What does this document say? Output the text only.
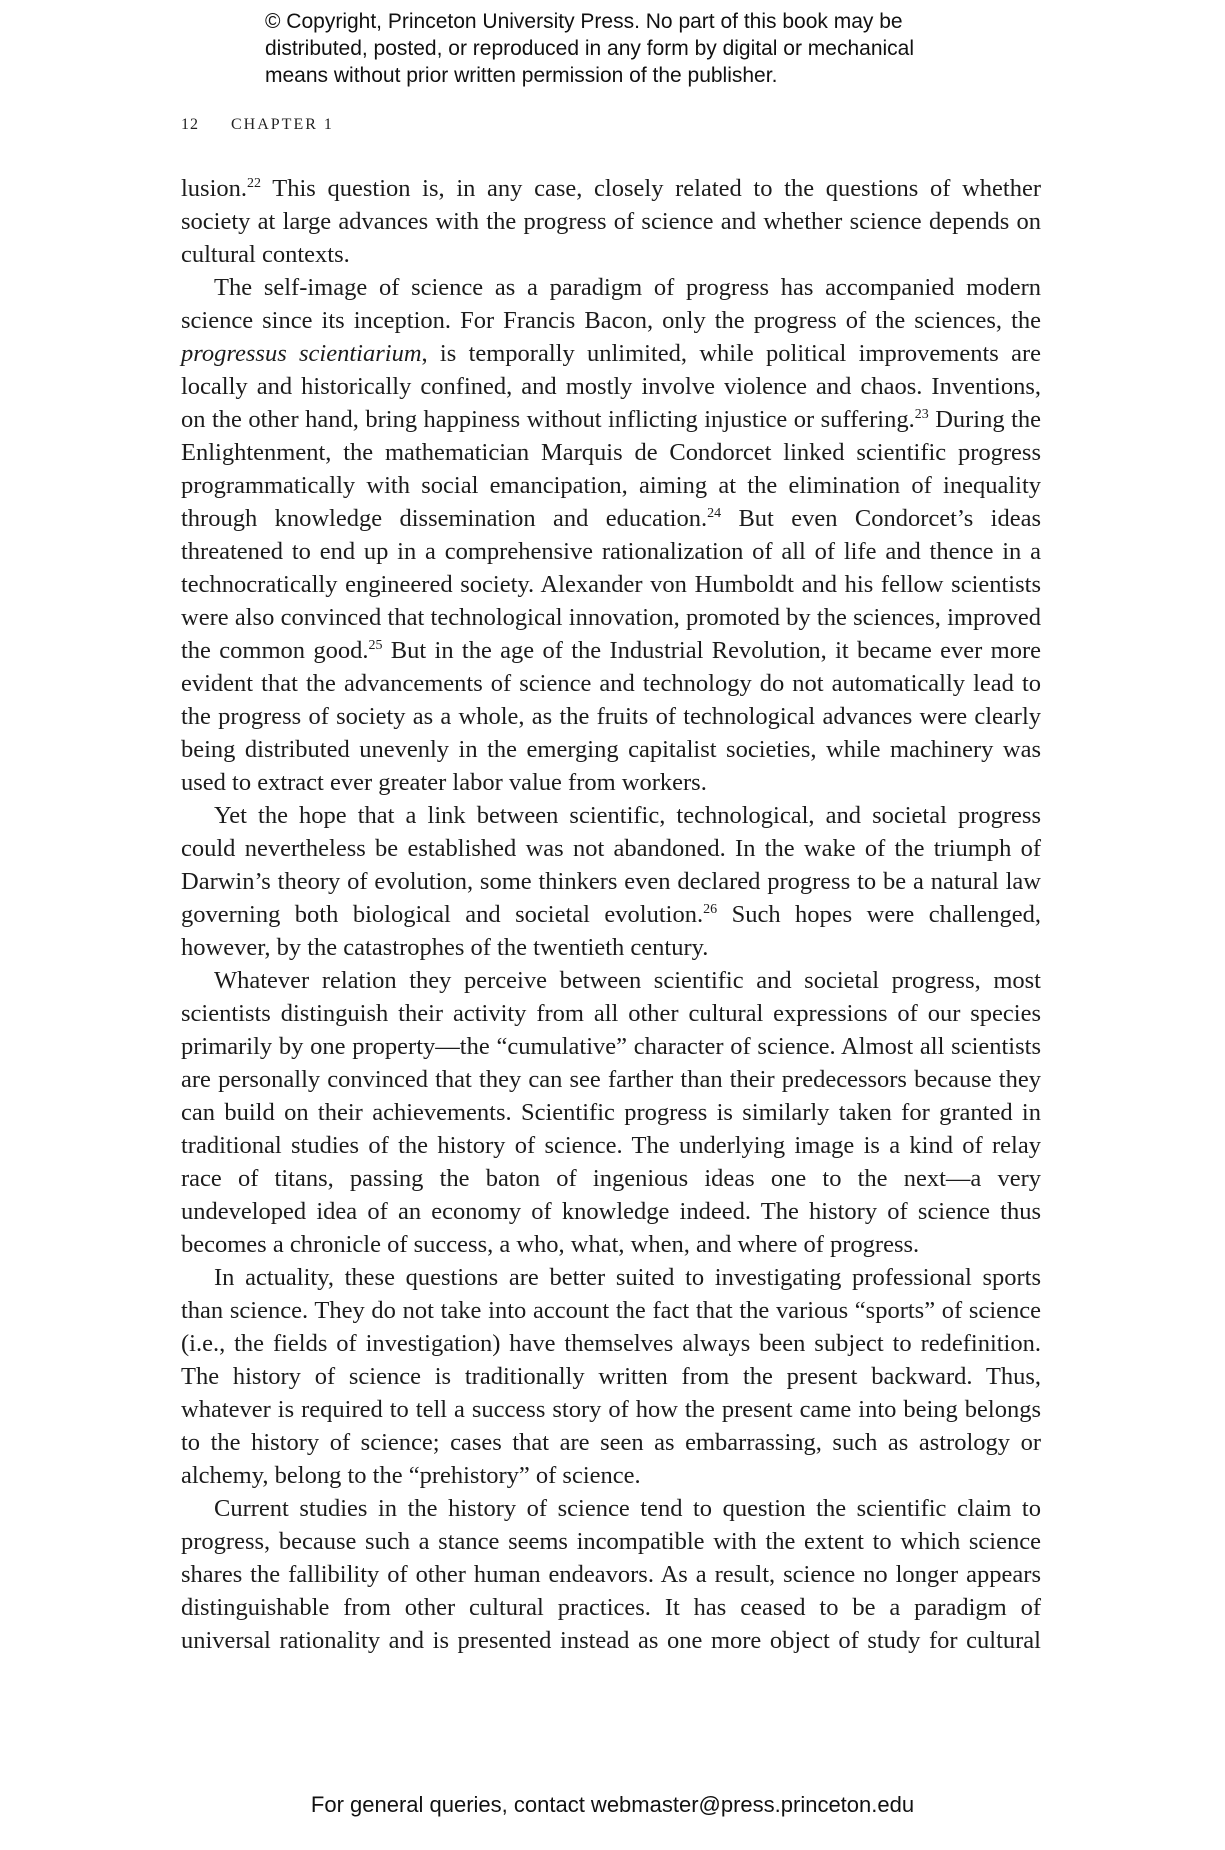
© Copyright, Princeton University Press. No part of this book may be
distributed, posted, or reproduced in any form by digital or mechanical
means without prior written permission of the publisher.
12 CHAPTER 1

lusion.$^{22}$ This question is, in any case, closely related to the questions of whether society at large advances with the progress of science and whether science depends on cultural contexts.

The self-image of science as a paradigm of progress has accompanied modern science since its inception. For Francis Bacon, only the progress of the sciences, the progressus scientiarium, is temporally unlimited, while political improvements are locally and historically confined, and mostly involve violence and chaos. Inventions, on the other hand, bring happiness without inflicting injustice or suffering.$^{23}$ During the Enlightenment, the mathematician Marquis de Condorcet linked scientific progress programmatically with social emancipation, aiming at the elimination of inequality through knowledge dissemination and education.$^{24}$ But even Condorcet’s ideas threatened to end up in a comprehensive rationalization of all of life and thence in a technocratically engineered society. Alexander von Humboldt and his fellow scientists were also convinced that technological innovation, promoted by the sciences, improved the common good.$^{25}$ But in the age of the Industrial Revolution, it became ever more evident that the advancements of science and technology do not automatically lead to the progress of society as a whole, as the fruits of technological advances were clearly being distributed unevenly in the emerging capitalist societies, while machinery was used to extract ever greater labor value from workers.

Yet the hope that a link between scientific, technological, and societal progress could nevertheless be established was not abandoned. In the wake of the triumph of Darwin’s theory of evolution, some thinkers even declared progress to be a natural law governing both biological and societal evolution.$^{26}$ Such hopes were challenged, however, by the catastrophes of the twentieth century.

Whatever relation they perceive between scientific and societal progress, most scientists distinguish their activity from all other cultural expressions of our species primarily by one property—the “cumulative” character of science. Almost all scientists are personally convinced that they can see farther than their predecessors because they can build on their achievements. Scientific progress is similarly taken for granted in traditional studies of the history of science. The underlying image is a kind of relay race of titans, passing the baton of ingenious ideas one to the next—a very undeveloped idea of an economy of knowledge indeed. The history of science thus becomes a chronicle of success, a who, what, when, and where of progress.

In actuality, these questions are better suited to investigating professional sports than science. They do not take into account the fact that the various “sports” of science (i.e., the fields of investigation) have themselves always been subject to redefinition. The history of science is traditionally written from the present backward. Thus, whatever is required to tell a success story of how the present came into being belongs to the history of science; cases that are seen as embarrassing, such as astrology or alchemy, belong to the “prehistory” of science.

Current studies in the history of science tend to question the scientific claim to progress, because such a stance seems incompatible with the extent to which science shares the fallibility of other human endeavors. As a result, science no longer appears distinguishable from other cultural practices. It has ceased to be a paradigm of universal rationality and is presented instead as one more object of study for cultural

For general queries, contact webmaster@press.princeton.edu
